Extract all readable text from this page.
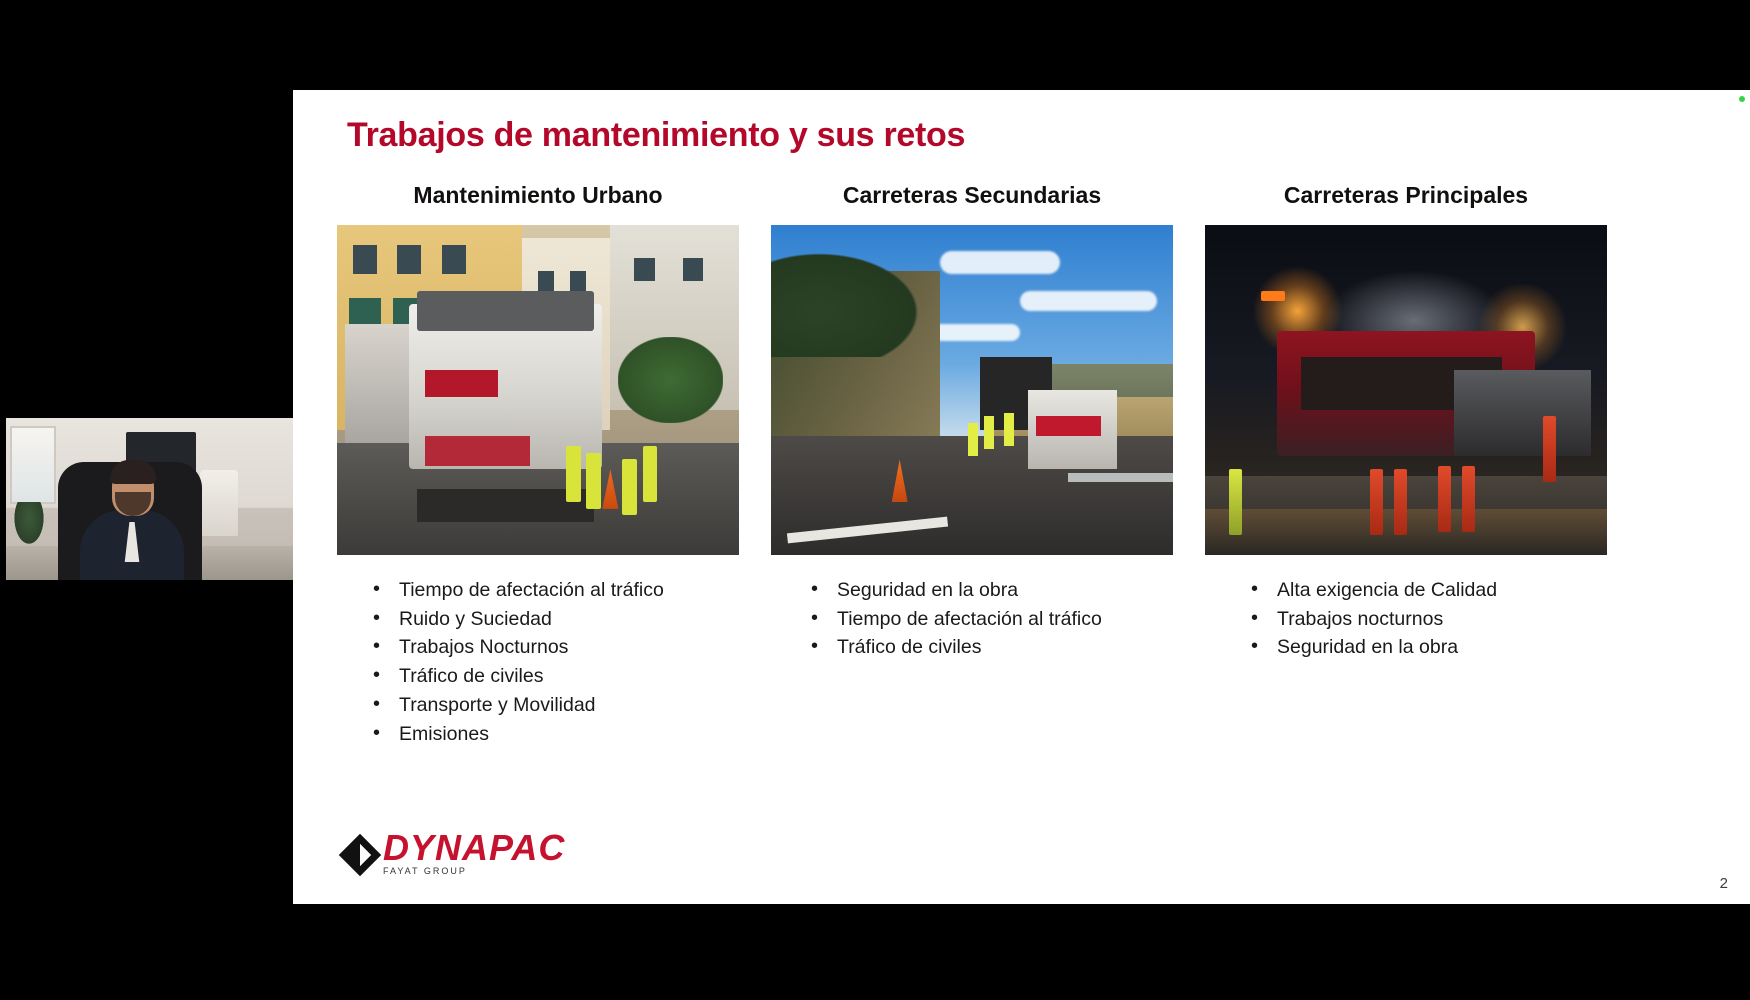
Trabajos de mantenimiento y sus retos
Mantenimiento Urbano
• Tiempo de afectación al tráfico
• Ruido y Suciedad
• Trabajos Nocturnos
• Tráfico de civiles
• Transporte y Movilidad
• Emisiones
Carreteras Secundarias
• Seguridad en la obra
• Tiempo de afectación al tráfico
• Tráfico de civiles
Carreteras Principales
• Alta exigencia de Calidad
• Trabajos nocturnos
• Seguridad en la obra
DYNAPAC
FAYAT GROUP
2
